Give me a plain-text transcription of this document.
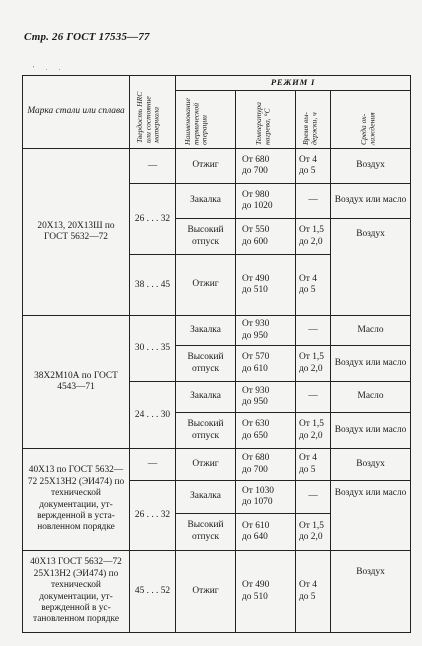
Стр. 26 ГОСТ 17535—77
' . .
Марка стали или сплава	Твердость HRC или состояние материала	РЕЖИМ I			
		Наименование термической операции	Температура нагрева, °С	Время выдержки, ч	Среда охлаждения
20Х13, 20Х13Ш по ГОСТ 5632—72	—	Отжиг	От 680
до 700	От 4
до 5	Воздух
	26 . . . 32	Закалка	От 980
до 1020	—	Воздух или масло
		Высокий отпуск	От 550
до 600	От 1,5
до 2,0	Воздух
	38 . . . 45	Отжиг	От 490
до 510	От 4
до 5	
38Х2М10А по ГОСТ 4543—71	30 . . . 35	Закалка	От 930
до 950	—	Масло
		Высокий отпуск	От 570
до 610	От 1,5
до 2,0	Воздух или масло
	24 . . . 30	Закалка	От 930
до 950	—	Масло
		Высокий отпуск	От 630
до 650	От 1,5
до 2,0	Воздух или масло
40Х13 по ГОСТ 5632—72 25Х13Н2 (ЭИ474) по технической документации, утвержденной в установленном порядке	—	Отжиг	От 680
до 700	От 4
до 5	Воздух
	26 . . . 32	Закалка	От 1030
до 1070	—	Воздух или масло
		Высокий отпуск	От 610
до 640	От 1,5
до 2,0	
40Х13 ГОСТ 5632—72 25Х13Н2 (ЭИ474) по технической документации, утвержденной в установленном порядке	45 . . . 52	Отжиг	От 490
до 510	От 4
до 5	Воздух
